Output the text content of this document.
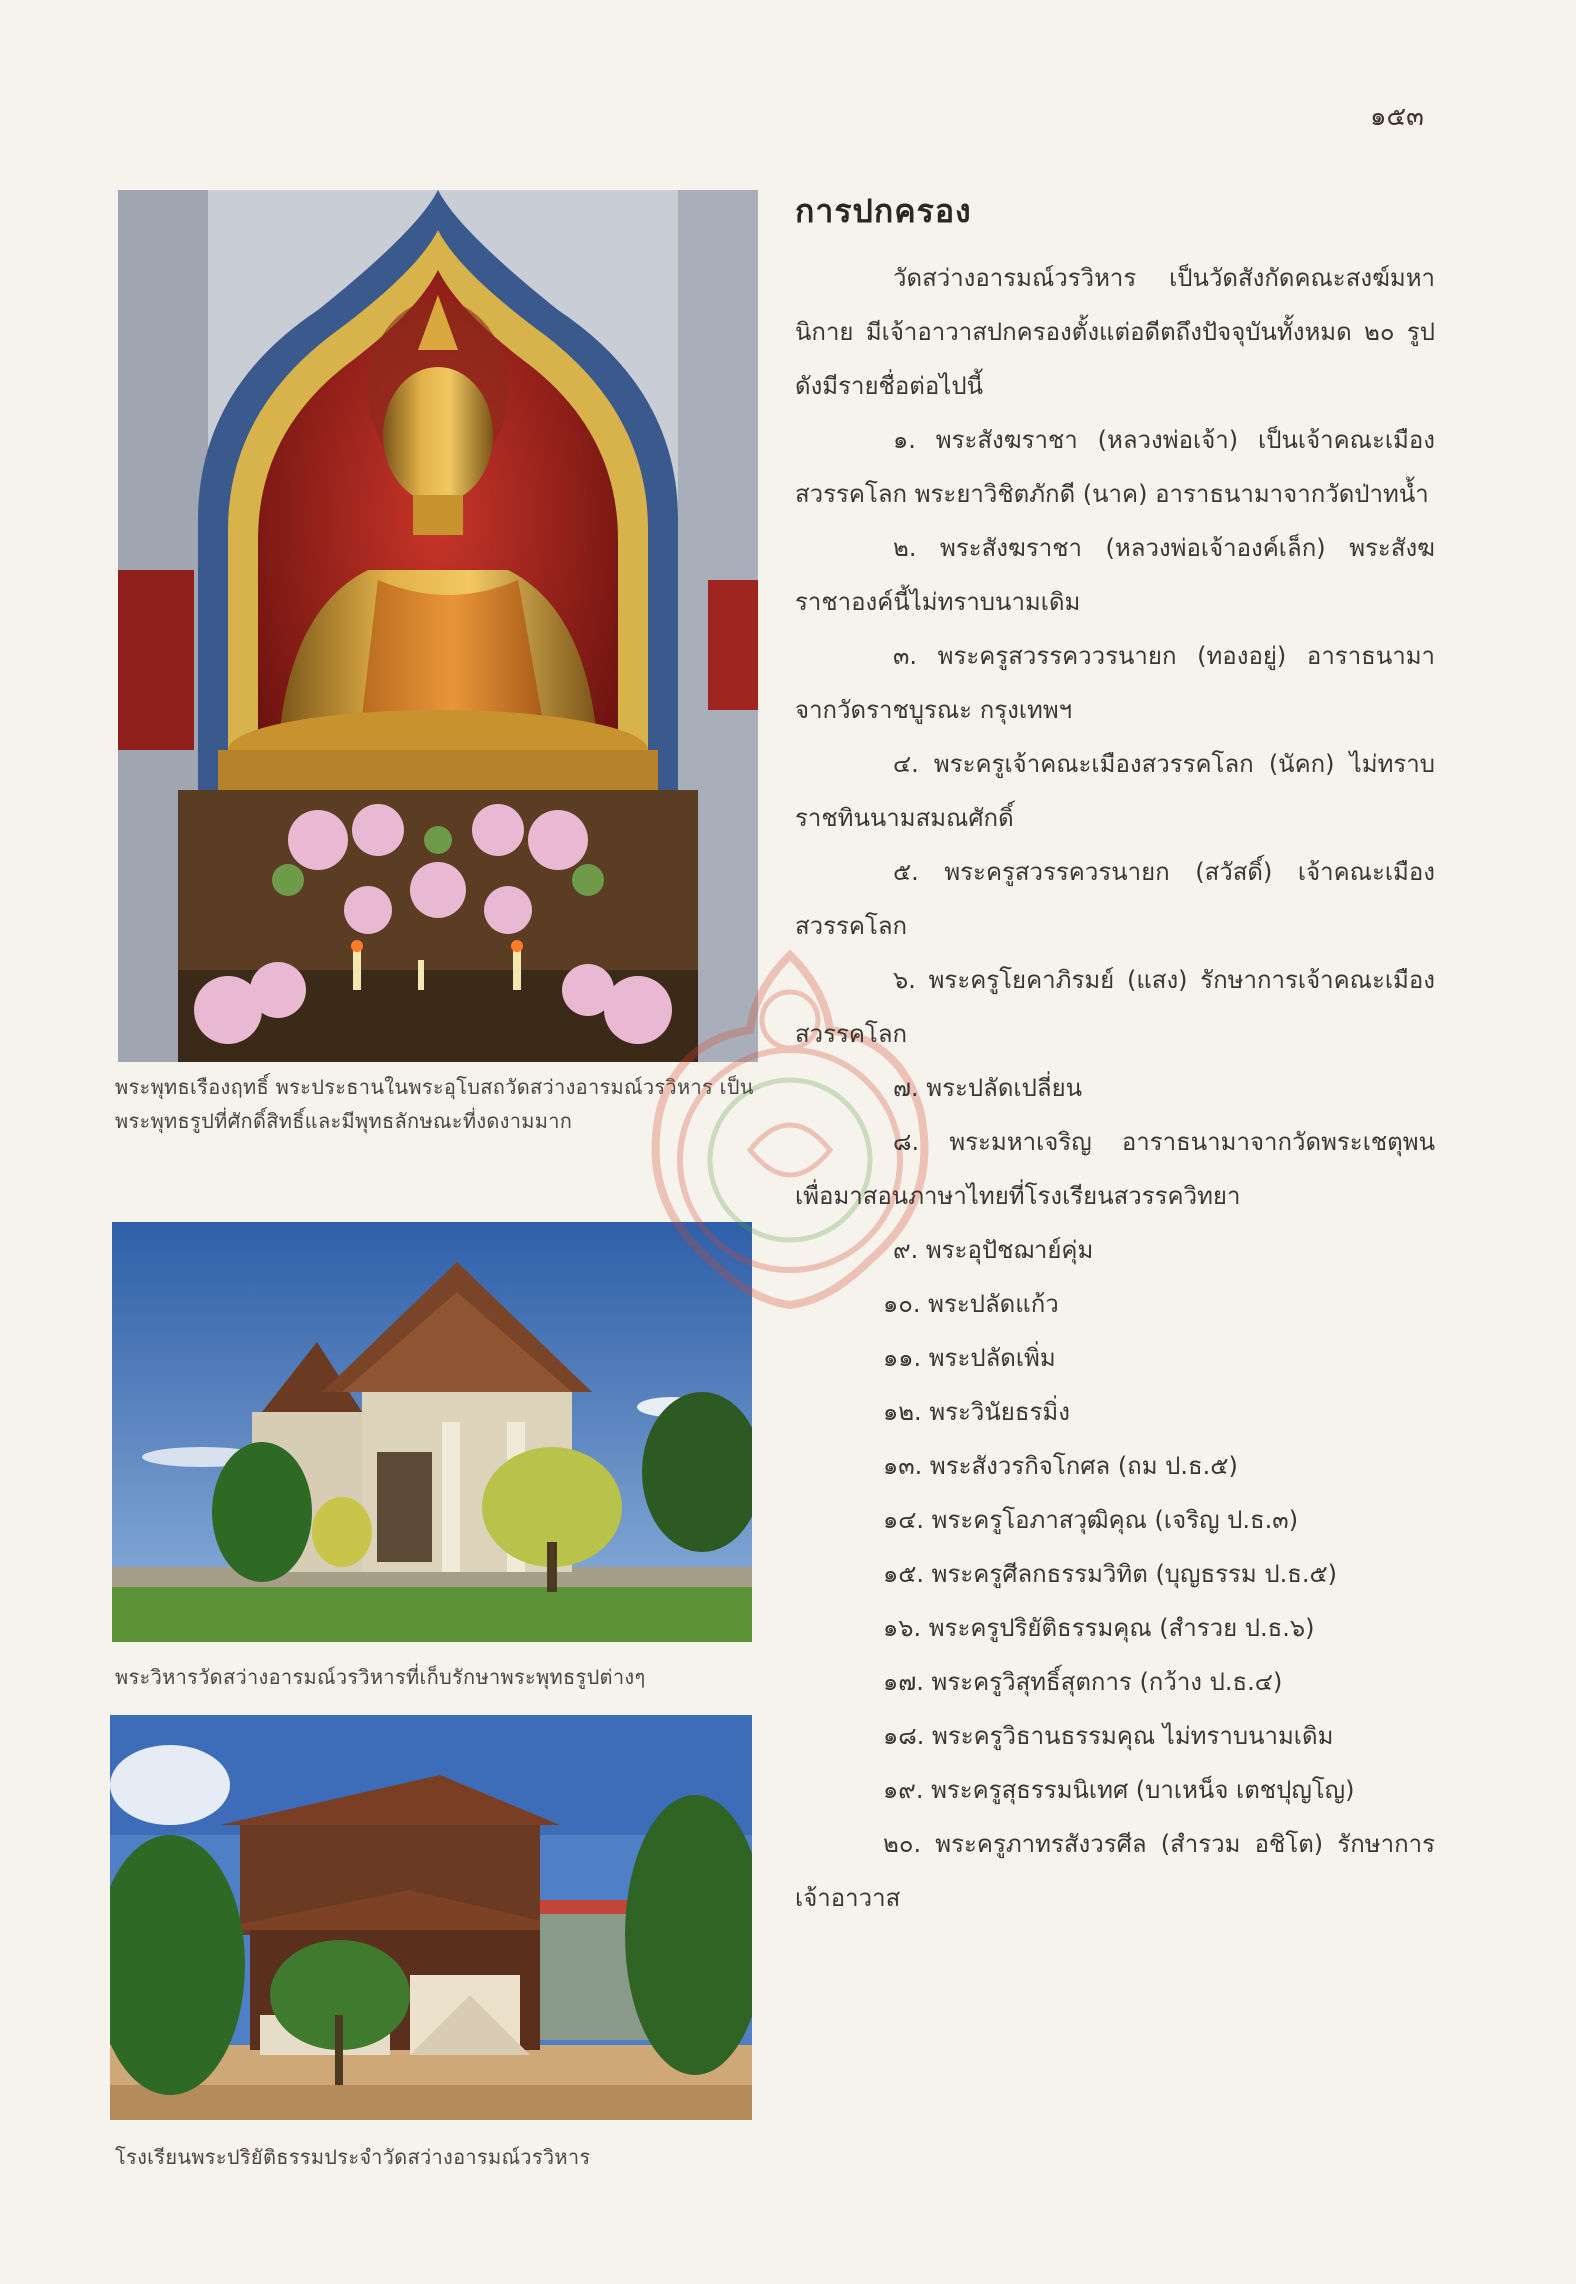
๑๕๓
พระพุทธเรืองฤทธิ์ พระประธานในพระอุโบสถวัดสว่างอารมณ์วรวิหาร เป็นพระพุทธรูปที่ศักดิ์สิทธิ์และมีพุทธลักษณะที่งดงามมาก
พระวิหารวัดสว่างอารมณ์วรวิหารที่เก็บรักษาพระพุทธรูปต่างๆ
โรงเรียนพระปริยัติธรรมประจำวัดสว่างอารมณ์วรวิหาร
การปกครอง

วัดสว่างอารมณ์วรวิหาร เป็นวัดสังกัดคณะสงฆ์มหานิกาย มีเจ้าอาวาสปกครองตั้งแต่อดีตถึงปัจจุบันทั้งหมด ๒๐ รูป ดังมีรายชื่อต่อไปนี้

๑. พระสังฆราชา (หลวงพ่อเจ้า) เป็นเจ้าคณะเมืองสวรรคโลก พระยาวิชิตภักดี (นาค) อาราธนามาจากวัดป่าทน้ำ

๒. พระสังฆราชา (หลวงพ่อเจ้าองค์เล็ก) พระสังฆราชาองค์นี้ไม่ทราบนามเดิม

๓. พระครูสวรรคววรนายก (ทองอยู่) อาราธนามาจากวัดราชบูรณะ กรุงเทพฯ

๔. พระครูเจ้าคณะเมืองสวรรคโลก (นัคก) ไม่ทราบราชทินนามสมณศักดิ์

๕. พระครูสวรรควรนายก (สวัสดิ์) เจ้าคณะเมืองสวรรคโลก

๖. พระครูโยคาภิรมย์ (แสง) รักษาการเจ้าคณะเมืองสวรรคโลก

๗. พระปลัดเปลี่ยน

๘. พระมหาเจริญ อาราธนามาจากวัดพระเชตุพน เพื่อมาสอนภาษาไทยที่โรงเรียนสวรรควิทยา

๙. พระอุปัชฌาย์คุ่ม

๑๐. พระปลัดแก้ว

๑๑. พระปลัดเพิ่ม

๑๒. พระวินัยธรมิ่ง

๑๓. พระสังวรกิจโกศล (ถม ป.ธ.๕)

๑๔. พระครูโอภาสวุฒิคุณ (เจริญ ป.ธ.๓)

๑๕. พระครูศีลกธรรมวิทิต (บุญธรรม ป.ธ.๕)

๑๖. พระครูปริยัติธรรมคุณ (สำรวย ป.ธ.๖)

๑๗. พระครูวิสุทธิ์สุตการ (กว้าง ป.ธ.๔)

๑๘. พระครูวิธานธรรมคุณ ไม่ทราบนามเดิม

๑๙. พระครูสุธรรมนิเทศ (บาเหน็จ เตชปุญโญ)

๒๐. พระครูภาทรสังวรศีล (สำรวม อชิโต) รักษาการเจ้าอาวาส
